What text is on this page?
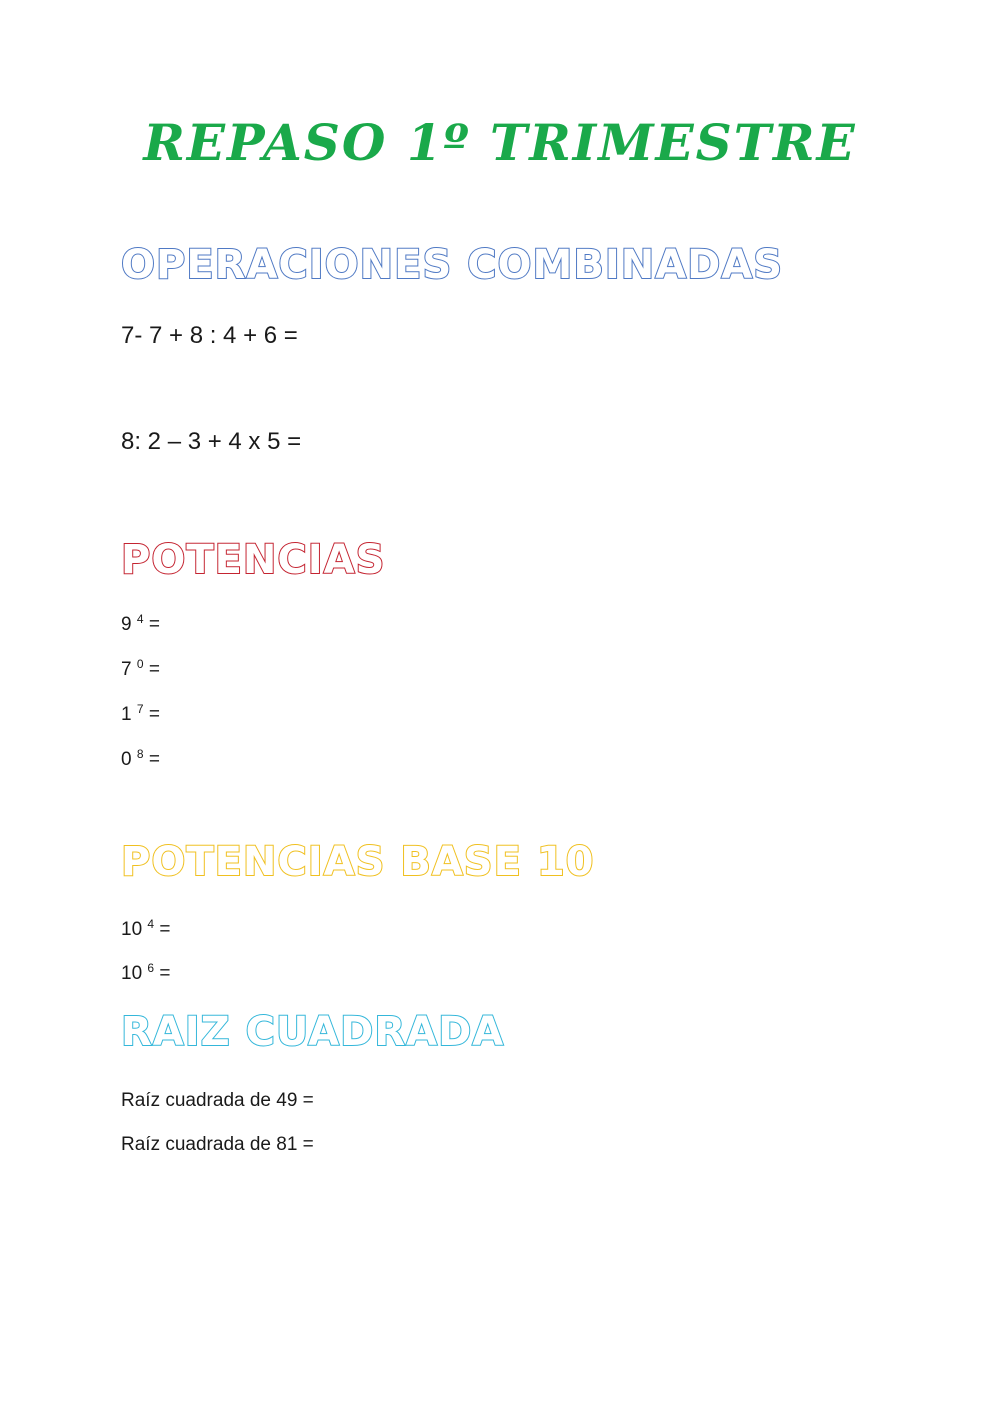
REPASO 1º TRIMESTRE
OPERACIONES COMBINADAS

7- 7 + 8 : 4 + 6 =

8: 2 – 3 + 4 x 5 =

POTENCIAS

9 $^4$ =

7 $^0$ =

1 $^7$ =

0 $^8$ =

POTENCIAS BASE 10

10 $^4$ =

10 $^6$ =

RAIZ CUADRADA

Raíz cuadrada de 49 =

Raíz cuadrada de 81 =
